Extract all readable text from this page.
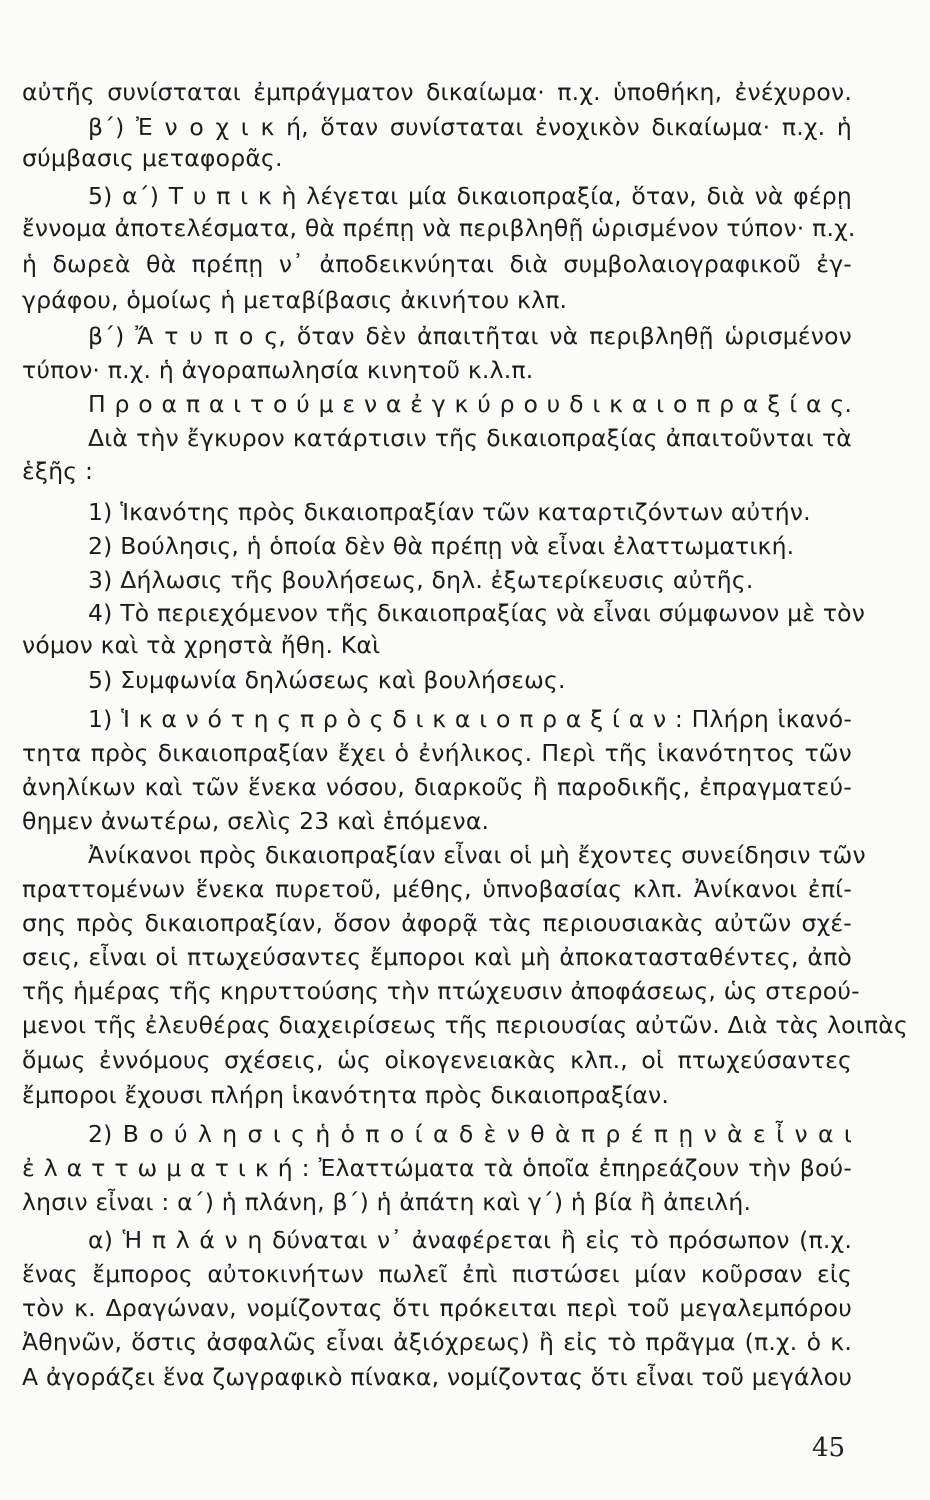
αὐτῆς συνίσταται ἐμπράγματον δικαίωμα· π.χ. ὑποθήκη, ἐνέχυρον.
β΄) Ἐ ν ο χ ι κ ή, ὅταν συνίσταται ἐνοχικὸν δικαίωμα· π.χ. ἡ
σύμβασις μεταφορᾶς.
5) α΄) Τ υ π ι κ ὴ λέγεται μία δικαιοπραξία, ὅταν, διὰ νὰ φέρῃ
ἔννομα ἀποτελέσματα, θὰ πρέπῃ νὰ περιβληθῇ ὡρισμένον τύπον· π.χ.
ἡ δωρεὰ θὰ πρέπῃ ν᾽ ἀποδεικνύηται διὰ συμβολαιογραφικοῦ ἐγ-
γράφου, ὁμοίως ἡ μεταβίβασις ἀκινήτου κλπ.
β΄) Ἄ τ υ π ο ς, ὅταν δὲν ἀπαιτῆται νὰ περιβληθῇ ὡρισμένον
τύπον· π.χ. ἡ ἀγοραπωλησία κινητοῦ κ.λ.π.
Π ρ ο α π α ι τ ο ύ μ ε ν α ἐ γ κ ύ ρ ο υ δ ι κ α ι ο π ρ α ξ ί α ς.
Διὰ τὴν ἔγκυρον κατάρτισιν τῆς δικαιοπραξίας ἀπαιτοῦνται τὰ
ἑξῆς :
1) Ἱκανότης πρὸς δικαιοπραξίαν τῶν καταρτιζόντων αὐτήν.
2) Βούλησις, ἡ ὁποία δὲν θὰ πρέπῃ νὰ εἶναι ἐλαττωματική.
3) Δήλωσις τῆς βουλήσεως, δηλ. ἐξωτερίκευσις αὐτῆς.
4) Τὸ περιεχόμενον τῆς δικαιοπραξίας νὰ εἶναι σύμφωνον μὲ τὸν
νόμον καὶ τὰ χρηστὰ ἤθη. Καὶ
5) Συμφωνία δηλώσεως καὶ βουλήσεως.
1) Ἱ κ α ν ό τ η ς π ρ ὸ ς δ ι κ α ι ο π ρ α ξ ί α ν : Πλήρη ἱκανό-
τητα πρὸς δικαιοπραξίαν ἔχει ὁ ἐνήλικος. Περὶ τῆς ἱκανότητος τῶν
ἀνηλίκων καὶ τῶν ἕνεκα νόσου, διαρκοῦς ἢ παροδικῆς, ἐπραγματεύ-
θημεν ἀνωτέρω, σελὶς 23 καὶ ἑπόμενα.
Ἀνίκανοι πρὸς δικαιοπραξίαν εἶναι οἱ μὴ ἔχοντες συνείδησιν τῶν
πραττομένων ἕνεκα πυρετοῦ, μέθης, ὑπνοβασίας κλπ. Ἀνίκανοι ἐπί-
σης πρὸς δικαιοπραξίαν, ὅσον ἀφορᾷ τὰς περιουσιακὰς αὐτῶν σχέ-
σεις, εἶναι οἱ πτωχεύσαντες ἔμποροι καὶ μὴ ἀποκατασταθέντες, ἀπὸ
τῆς ἡμέρας τῆς κηρυττούσης τὴν πτώχευσιν ἀποφάσεως, ὡς στερού-
μενοι τῆς ἐλευθέρας διαχειρίσεως τῆς περιουσίας αὐτῶν. Διὰ τὰς λοιπὰς
ὅμως ἐννόμους σχέσεις, ὡς οἰκογενειακὰς κλπ., οἱ πτωχεύσαντες
ἔμποροι ἔχουσι πλήρη ἱκανότητα πρὸς δικαιοπραξίαν.
2) Β ο ύ λ η σ ι ς ἡ ὁ π ο ί α δ ὲ ν θ ὰ π ρ έ π ῃ ν ὰ ε ἶ ν α ι
ἐ λ α τ τ ω μ α τ ι κ ή : Ἐλαττώματα τὰ ὁποῖα ἐπηρεάζουν τὴν βού-
λησιν εἶναι : α΄) ἡ πλάνη, β΄) ἡ ἀπάτη καὶ γ΄) ἡ βία ἢ ἀπειλή.
α) Ἡ π λ ά ν η δύναται ν᾽ ἀναφέρεται ἢ εἰς τὸ πρόσωπον (π.χ.
ἕνας ἔμπορος αὐτοκινήτων πωλεῖ ἐπὶ πιστώσει μίαν κοῦρσαν εἰς
τὸν κ. Δραγώναν, νομίζοντας ὅτι πρόκειται περὶ τοῦ μεγαλεμπόρου
Ἀθηνῶν, ὅστις ἀσφαλῶς εἶναι ἀξιόχρεως) ἢ εἰς τὸ πρᾶγμα (π.χ. ὁ κ.
Α ἀγοράζει ἕνα ζωγραφικὸ πίνακα, νομίζοντας ὅτι εἶναι τοῦ μεγάλου
45
